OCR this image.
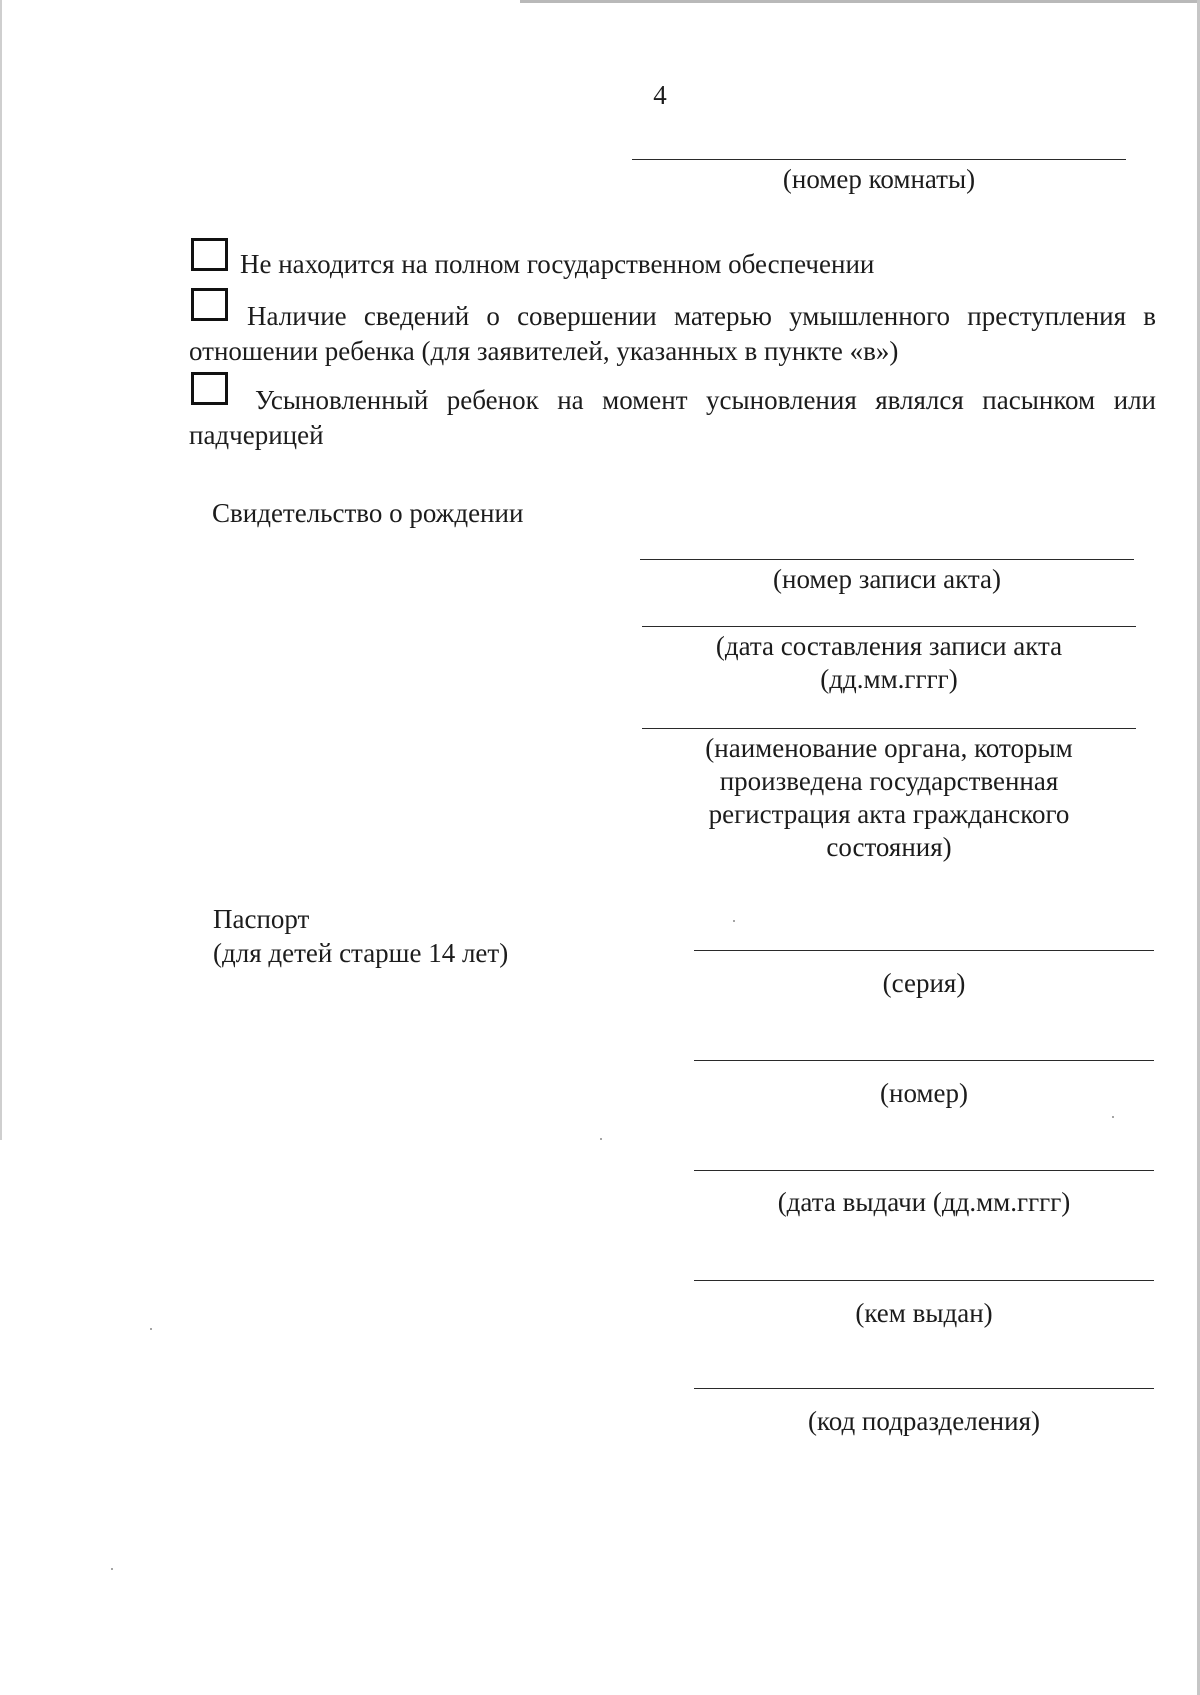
4
(номер комнаты)
Не находится на полном государственном обеспечении
Наличие сведений о совершении матерью умышленного преступления в отношении ребенка (для заявителей, указанных в пункте «в»)
Усыновленный ребенок на момент усыновления являлся пасынком или падчерицей
Свидетельство о рождении
(номер записи акта)
(дата составления записи акта
(дд.мм.гггг)
(наименование органа, которым
произведена государственная
регистрация акта гражданского
состояния)
Паспорт
(для детей старше 14 лет)
(серия)
(номер)
(дата выдачи (дд.мм.гггг)
(кем выдан)
(код подразделения)
